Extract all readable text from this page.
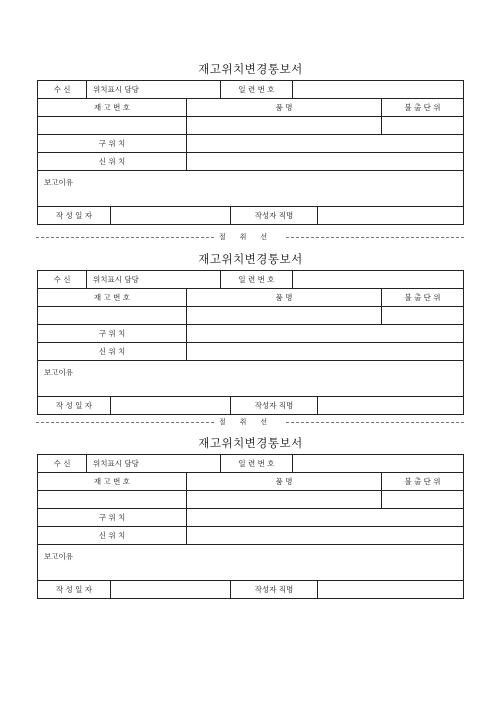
재고위치변경통보서
수 신	위치표시 담당	일 련 번 호
재 고 번 호	품 명	불 출 단 위
구 위 치
신 위 치
보고이유
작 성 일 자	작성자 직명
절취선
재고위치변경통보서
수 신	위치표시 담당	일 련 번 호
재 고 번 호	품 명	불 출 단 위
구 위 치
신 위 치
보고이유
작 성 일 자	작성자 직명
절취선
재고위치변경통보서
수 신	위치표시 담당	일 련 번 호
재 고 번 호	품 명	불 출 단 위
구 위 치
신 위 치
보고이유
작 성 일 자	작성자 직명
